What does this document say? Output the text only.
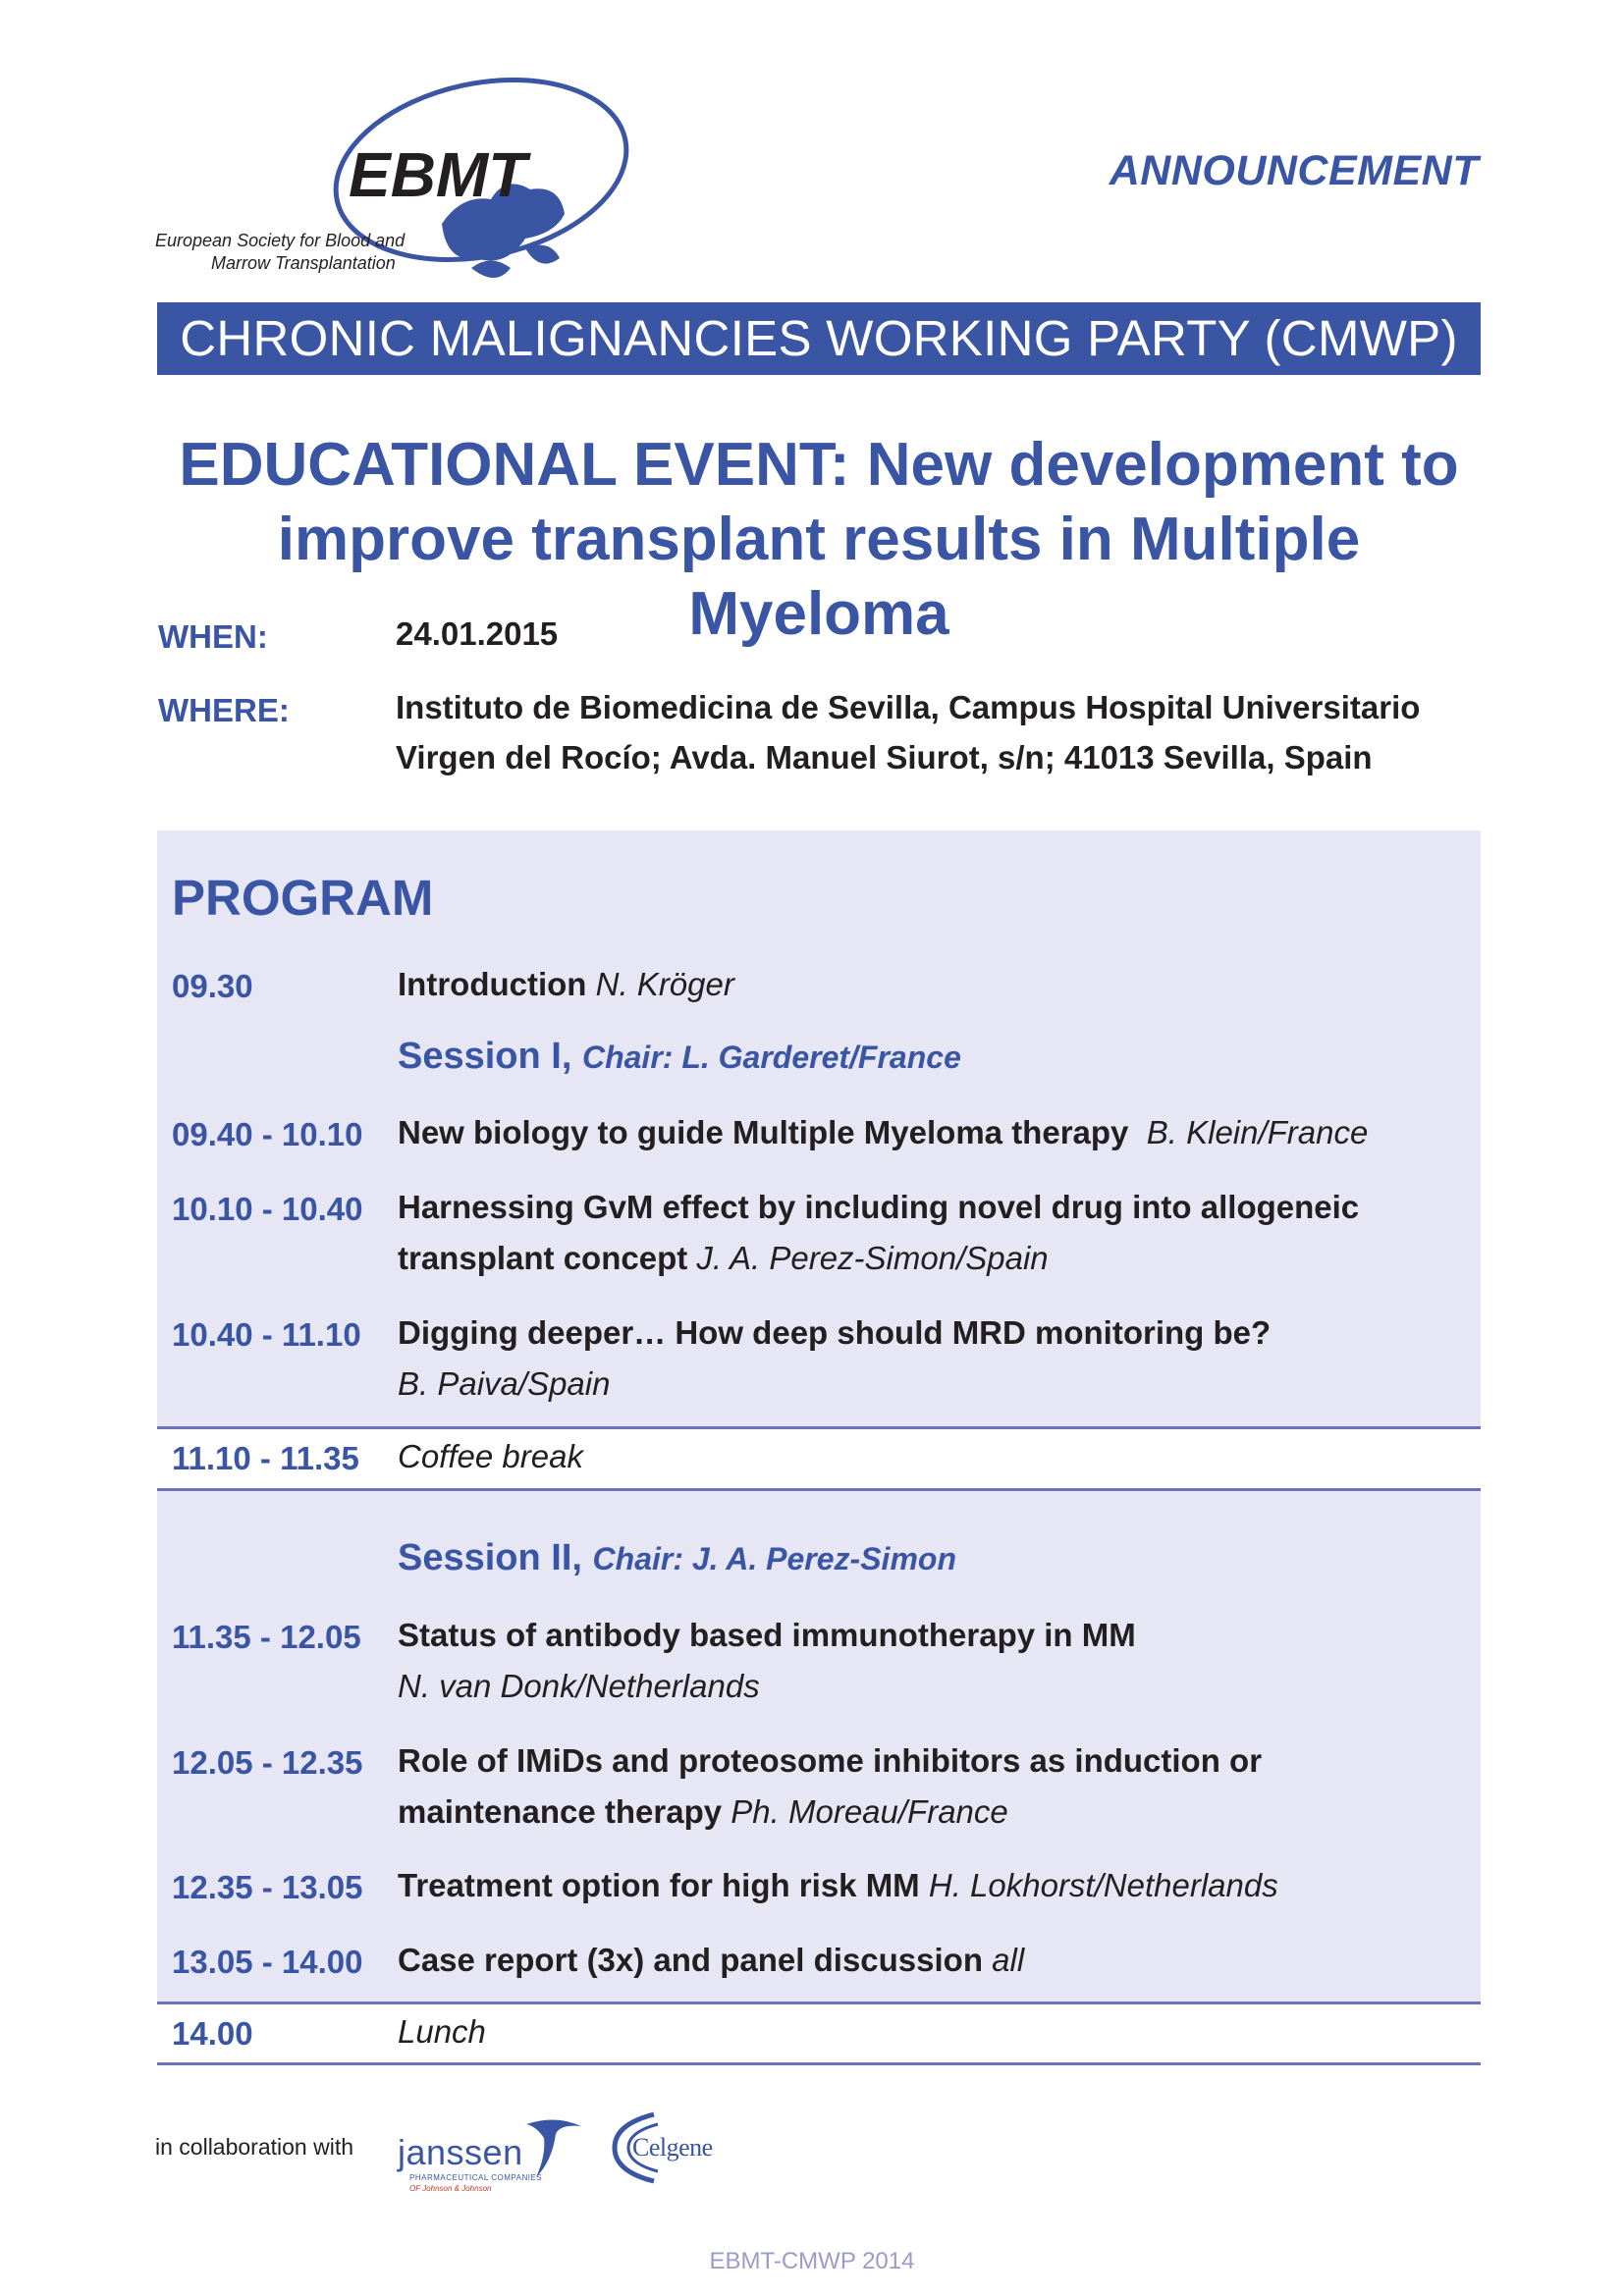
EBMT
European Society for Blood and
Marrow Transplantation
ANNOUNCEMENT
CHRONIC MALIGNANCIES WORKING PARTY (CMWP)
EDUCATIONAL EVENT: New development to
improve transplant results in Multiple Myeloma
WHEN:	24.01.2015
WHERE:	Instituto de Biomedicina de Sevilla, Campus Hospital Universitario
Virgen del Rocío; Avda. Manuel Siurot, s/n; 41013 Sevilla, Spain
PROGRAM
09.30	Introduction N. Kröger
Session I, Chair: L. Garderet/France
09.40 - 10.10 New biology to guide Multiple Myeloma therapy B. Klein/France
10.10 - 10.40 Harnessing GvM effect by including novel drug into allogeneic
transplant concept J. A. Perez-Simon/Spain
10.40 - 11.10 Digging deeper… How deep should MRD monitoring be?
B. Paiva/Spain
11.10 - 11.35 Coffee break
Session II, Chair: J. A. Perez-Simon
11.35 - 12.05 Status of antibody based immunotherapy in MM
N. van Donk/Netherlands
12.05 - 12.35 Role of IMiDs and proteosome inhibitors as induction or
maintenance therapy Ph. Moreau/France
12.35 - 13.05 Treatment option for high risk MM H. Lokhorst/Netherlands
13.05 - 14.00 Case report (3x) and panel discussion all
14.00	Lunch
in collaboration with janssen
PHARMACEUTICAL COMPANIES
OF Johnson & Johnson
Celgene
EBMT-CMWP 2014
